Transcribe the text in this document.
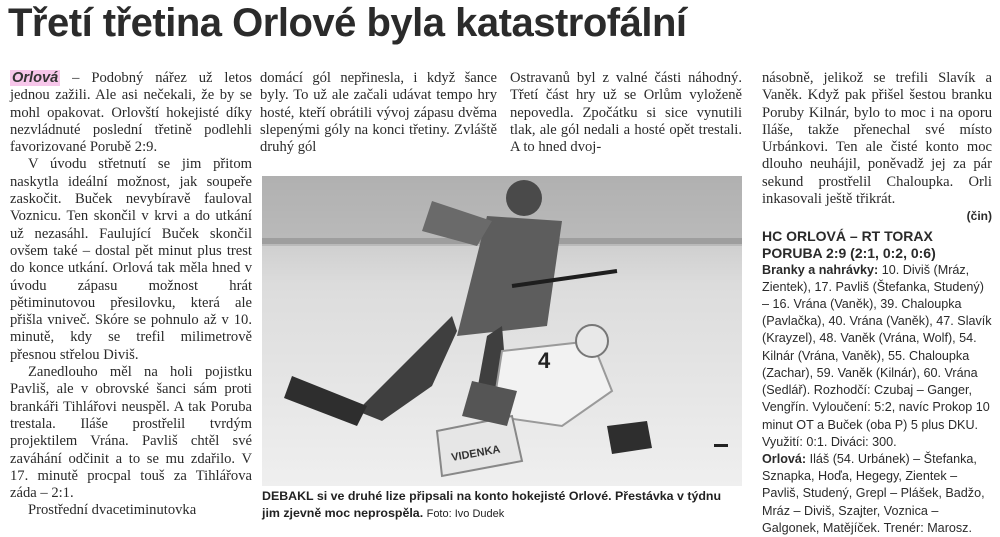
Třetí třetina Orlové byla katastrofální

Orlová – Podobný nářez už letos jednou zažili. Ale asi nečekali, že by se mohl opakovat. Orlovští hokejisté díky nezvládnuté poslední třetině podlehli favorizované Porubě 2:9.

V úvodu střetnutí se jim přitom naskytla ideální možnost, jak soupeře zaskočit. Buček nevybíravě fauloval Voznicu. Ten skončil v krvi a do utkání už nezasáhl. Faulující Buček skončil ovšem také – dostal pět minut plus trest do konce utkání. Orlová tak měla hned v úvodu zápasu možnost hrát pětiminutovou přesilovku, která ale přišla vniveč. Skóre se pohnulo až v 10. minutě, kdy se trefil milimetrově přesnou střelou Diviš.

Zanedlouho měl na holi pojistku Pavliš, ale v obrovské šanci sám proti brankáři Tihlářovi neuspěl. A tak Poruba trestala. Iláše prostřelil tvrdým projektilem Vrána. Pavliš chtěl své zaváhání odčinit a to se mu zdařilo. V 17. minutě procpal touš za Tihlářova záda – 2:1.

Prostřední dvacetiminutovka

domácí gól nepřinesla, i když šance byly. To už ale začali udávat tempo hry hosté, kteří obrátili vývoj zápasu dvěma slepenými góly na konci třetiny. Zvláště druhý gól

Ostravanů byl z valné části náhodný. Třetí část hry už se Orlům vyloženě nepovedla. Zpočátku si sice vynutili tlak, ale gól nedali a hosté opět trestali. A to hned dvoj-

násobně, jelikož se trefili Slavík a Vaněk. Když pak přišel šestou branku Poruby Kilnár, bylo to moc i na oporu Iláše, takže přenechal své místo Urbánkovi. Ten ale čisté konto moc dlouho neuhájil, poněvadž jej za pár sekund prostřelil Chaloupka. Orli inkasovali ještě třikrát.

(čin)
HC ORLOVÁ – RT TORAX PORUBA 2:9 (2:1, 0:2, 0:6)
Branky a nahrávky: 10. Diviš (Mráz, Zientek), 17. Pavliš (Štefanka, Studený) – 16. Vrána (Vaněk), 39. Chaloupka (Pavlačka), 40. Vrána (Vaněk), 47. Slavík (Krayzel), 48. Vaněk (Vrána, Wolf), 54. Kilnár (Vrána, Vaněk), 55. Chaloupka (Zachar), 59. Vaněk (Kilnár), 60. Vrána (Sedlář). Rozhodčí: Czubaj – Ganger, Vengřín. Vyloučení: 5:2, navíc Prokop 10 minut OT a Buček (oba P) 5 plus DKU. Využití: 0:1. Diváci: 300.
Orlová: Iláš (54. Urbánek) – Štefanka, Sznapka, Hoďa, Hegegy, Zientek – Pavliš, Studený, Grepl – Plášek, Badžo, Mráz – Diviš, Szajter, Voznica – Galgonek, Matějíček. Trenér: Marosz.
4
VIDENKA
DEBAKL si ve druhé lize připsali na konto hokejisté Orlové. Přestávka v týdnu jim zjevně moc neprospěla. Foto: Ivo Dudek
